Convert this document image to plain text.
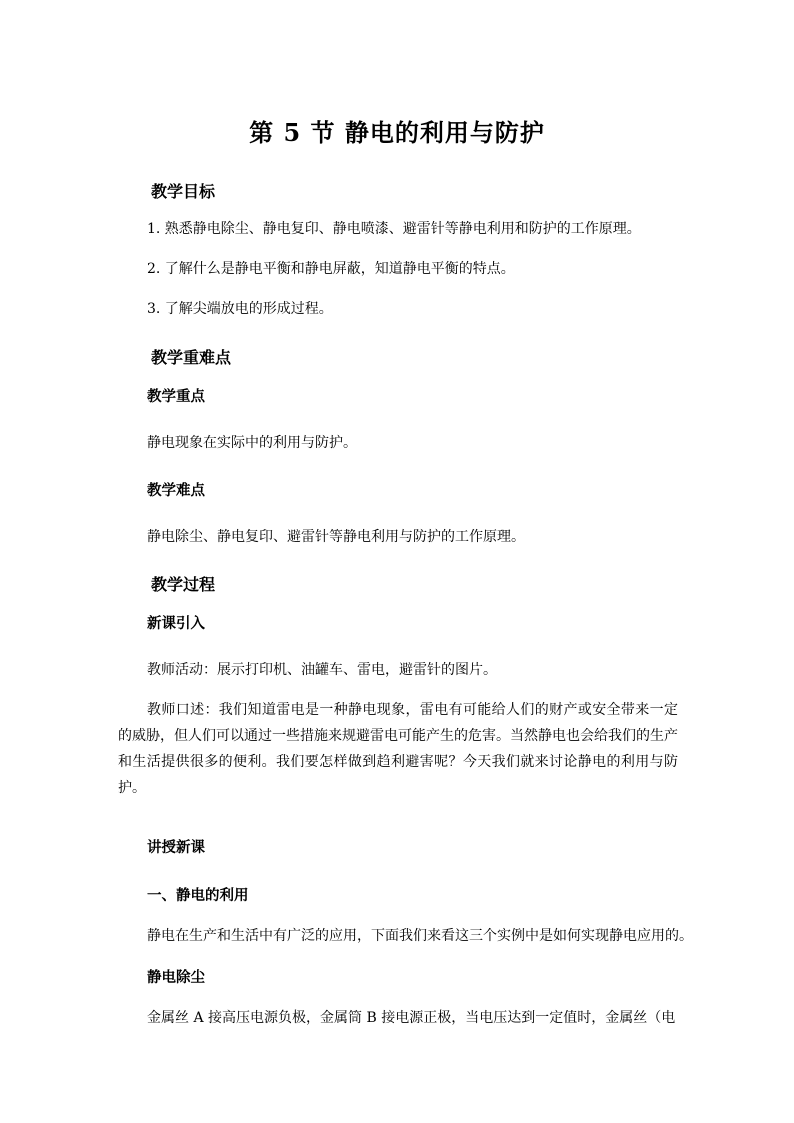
第 5 节 静电的利用与防护
教学目标

1. 熟悉静电除尘、静电复印、静电喷漆、避雷针等静电利用和防护的工作原理。

2. 了解什么是静电平衡和静电屏蔽，知道静电平衡的特点。

3. 了解尖端放电的形成过程。

教学重难点
教学重点

静电现象在实际中的利用与防护。

教学难点

静电除尘、静电复印、避雷针等静电利用与防护的工作原理。

教学过程
新课引入

教师活动：展示打印机、油罐车、雷电，避雷针的图片。

教师口述：我们知道雷电是一种静电现象，雷电有可能给人们的财产或安全带来一定的威胁，但人们可以通过一些措施来规避雷电可能产生的危害。当然静电也会给我们的生产和生活提供很多的便利。我们要怎样做到趋利避害呢？今天我们就来讨论静电的利用与防护。

讲授新课
一、静电的利用

静电在生产和生活中有广泛的应用，下面我们来看这三个实例中是如何实现静电应用的。

静电除尘

金属丝 A 接高压电源负极，金属筒 B 接电源正极，当电压达到一定值时，金属丝（电
